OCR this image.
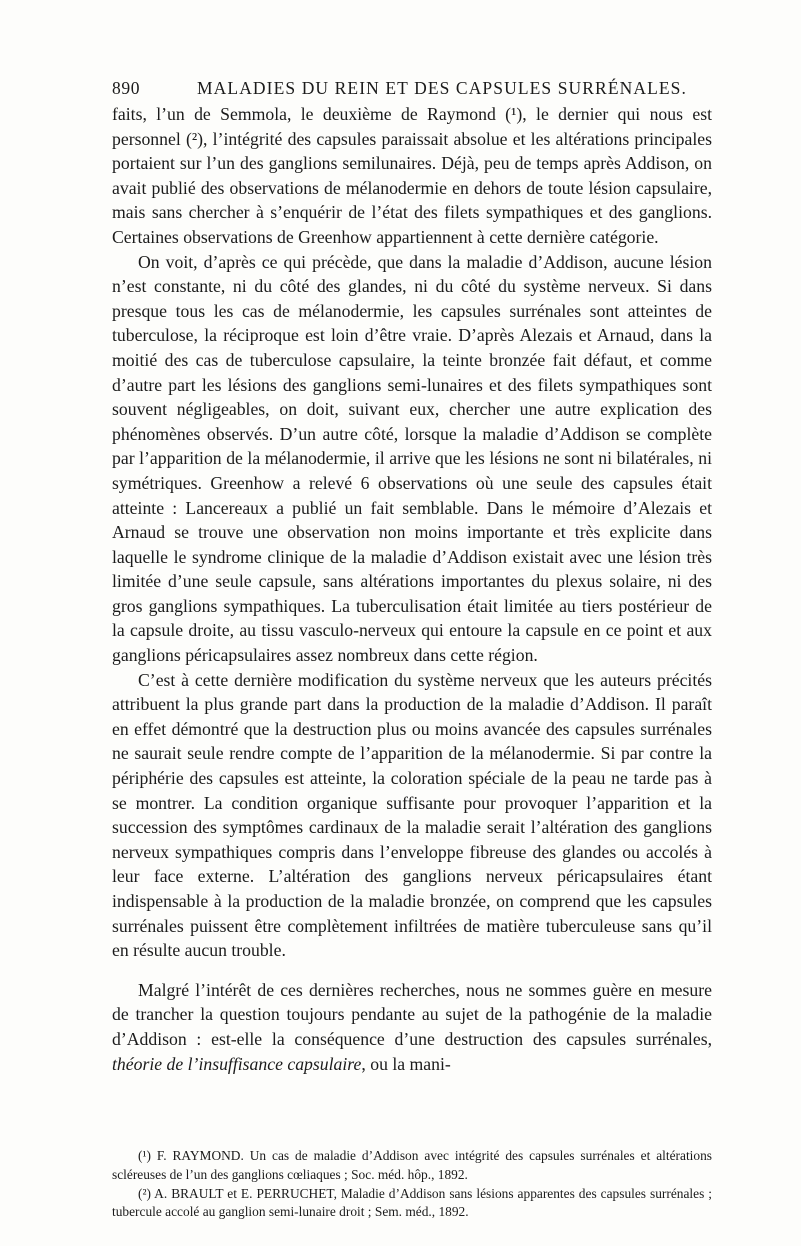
890	MALADIES DU REIN ET DES CAPSULES SURRÉNALES.

faits, l’un de Semmola, le deuxième de Raymond (¹), le dernier qui nous est personnel (²), l’intégrité des capsules paraissait absolue et les altérations principales portaient sur l’un des ganglions semilunaires. Déjà, peu de temps après Addison, on avait publié des observations de mélanodermie en dehors de toute lésion capsulaire, mais sans chercher à s’enquérir de l’état des filets sympathiques et des ganglions. Certaines observations de Greenhow appartiennent à cette dernière catégorie.

On voit, d’après ce qui précède, que dans la maladie d’Addison, aucune lésion n’est constante, ni du côté des glandes, ni du côté du système nerveux. Si dans presque tous les cas de mélanodermie, les capsules surrénales sont atteintes de tuberculose, la réciproque est loin d’être vraie. D’après Alezais et Arnaud, dans la moitié des cas de tuberculose capsulaire, la teinte bronzée fait défaut, et comme d’autre part les lésions des ganglions semi-lunaires et des filets sympathiques sont souvent négligeables, on doit, suivant eux, chercher une autre explication des phénomènes observés. D’un autre côté, lorsque la maladie d’Addison se complète par l’apparition de la mélanodermie, il arrive que les lésions ne sont ni bilatérales, ni symétriques. Greenhow a relevé 6 observations où une seule des capsules était atteinte : Lancereaux a publié un fait semblable. Dans le mémoire d’Alezais et Arnaud se trouve une observation non moins importante et très explicite dans laquelle le syndrome clinique de la maladie d’Addison existait avec une lésion très limitée d’une seule capsule, sans altérations importantes du plexus solaire, ni des gros ganglions sympathiques. La tuberculisation était limitée au tiers postérieur de la capsule droite, au tissu vasculo-nerveux qui entoure la capsule en ce point et aux ganglions péricapsulaires assez nombreux dans cette région.

C’est à cette dernière modification du système nerveux que les auteurs précités attribuent la plus grande part dans la production de la maladie d’Addison. Il paraît en effet démontré que la destruction plus ou moins avancée des capsules surrénales ne saurait seule rendre compte de l’apparition de la mélanodermie. Si par contre la périphérie des capsules est atteinte, la coloration spéciale de la peau ne tarde pas à se montrer. La condition organique suffisante pour provoquer l’apparition et la succession des symptômes cardinaux de la maladie serait l’altération des ganglions nerveux sympathiques compris dans l’enveloppe fibreuse des glandes ou accolés à leur face externe. L’altération des ganglions nerveux péricapsulaires étant indispensable à la production de la maladie bronzée, on comprend que les capsules surrénales puissent être complètement infiltrées de matière tuberculeuse sans qu’il en résulte aucun trouble.

Malgré l’intérêt de ces dernières recherches, nous ne sommes guère en mesure de trancher la question toujours pendante au sujet de la pathogénie de la maladie d’Addison : est-elle la conséquence d’une destruction des capsules surrénales, théorie de l’insuffisance capsulaire, ou la mani-

(¹) F. RAYMOND. Un cas de maladie d’Addison avec intégrité des capsules surrénales et altérations scléreuses de l’un des ganglions cœliaques ; Soc. méd. hôp., 1892.

(²) A. BRAULT et E. PERRUCHET, Maladie d’Addison sans lésions apparentes des capsules surrénales ; tubercule accolé au ganglion semi-lunaire droit ; Sem. méd., 1892.
